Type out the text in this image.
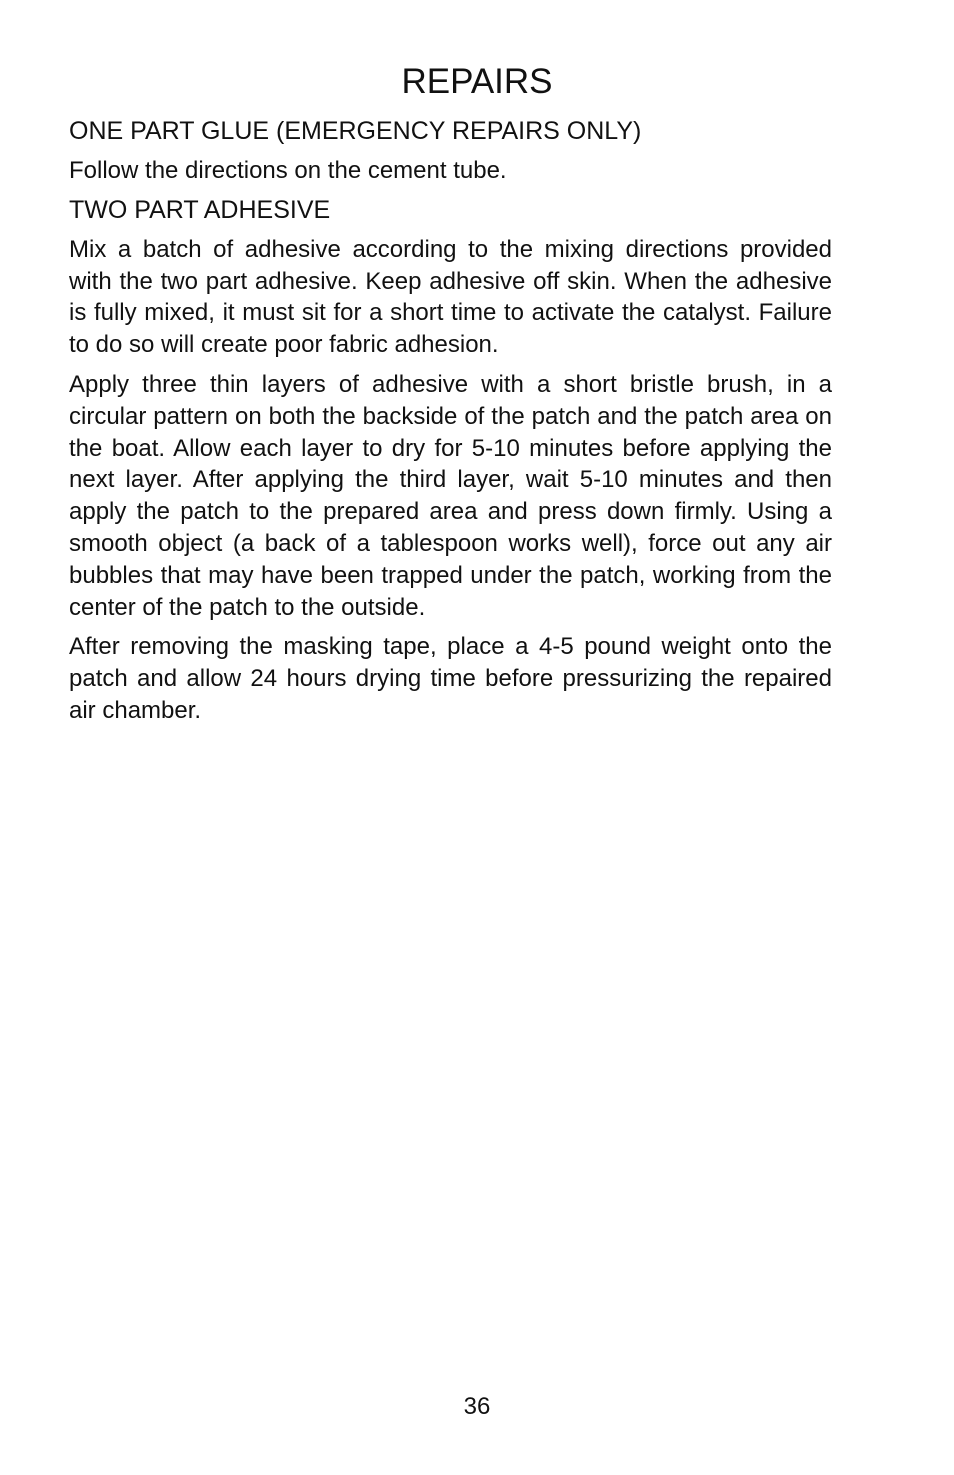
REPAIRS
ONE PART GLUE (EMERGENCY REPAIRS ONLY)

Follow the directions on the cement tube.

TWO PART ADHESIVE

Mix a batch of adhesive according to the mixing directions provided with the two part adhesive. Keep adhesive off skin. When the adhesive is fully mixed, it must sit for a short time to activate the catalyst. Failure to do so will create poor fabric adhesion.

Apply three thin layers of adhesive with a short bristle brush, in a circular pattern on both the backside of the patch and the patch area on the boat. Allow each layer to dry for 5-10 minutes before applying the next layer. After applying the third layer, wait 5-10 minutes and then apply the patch to the prepared area and press down firmly. Using a smooth object (a back of a tablespoon works well), force out any air bubbles that may have been trapped under the patch, working from the center of the patch to the outside.

After removing the masking tape, place a 4-5 pound weight onto the patch and allow 24 hours drying time before pressurizing the repaired air chamber.

36
